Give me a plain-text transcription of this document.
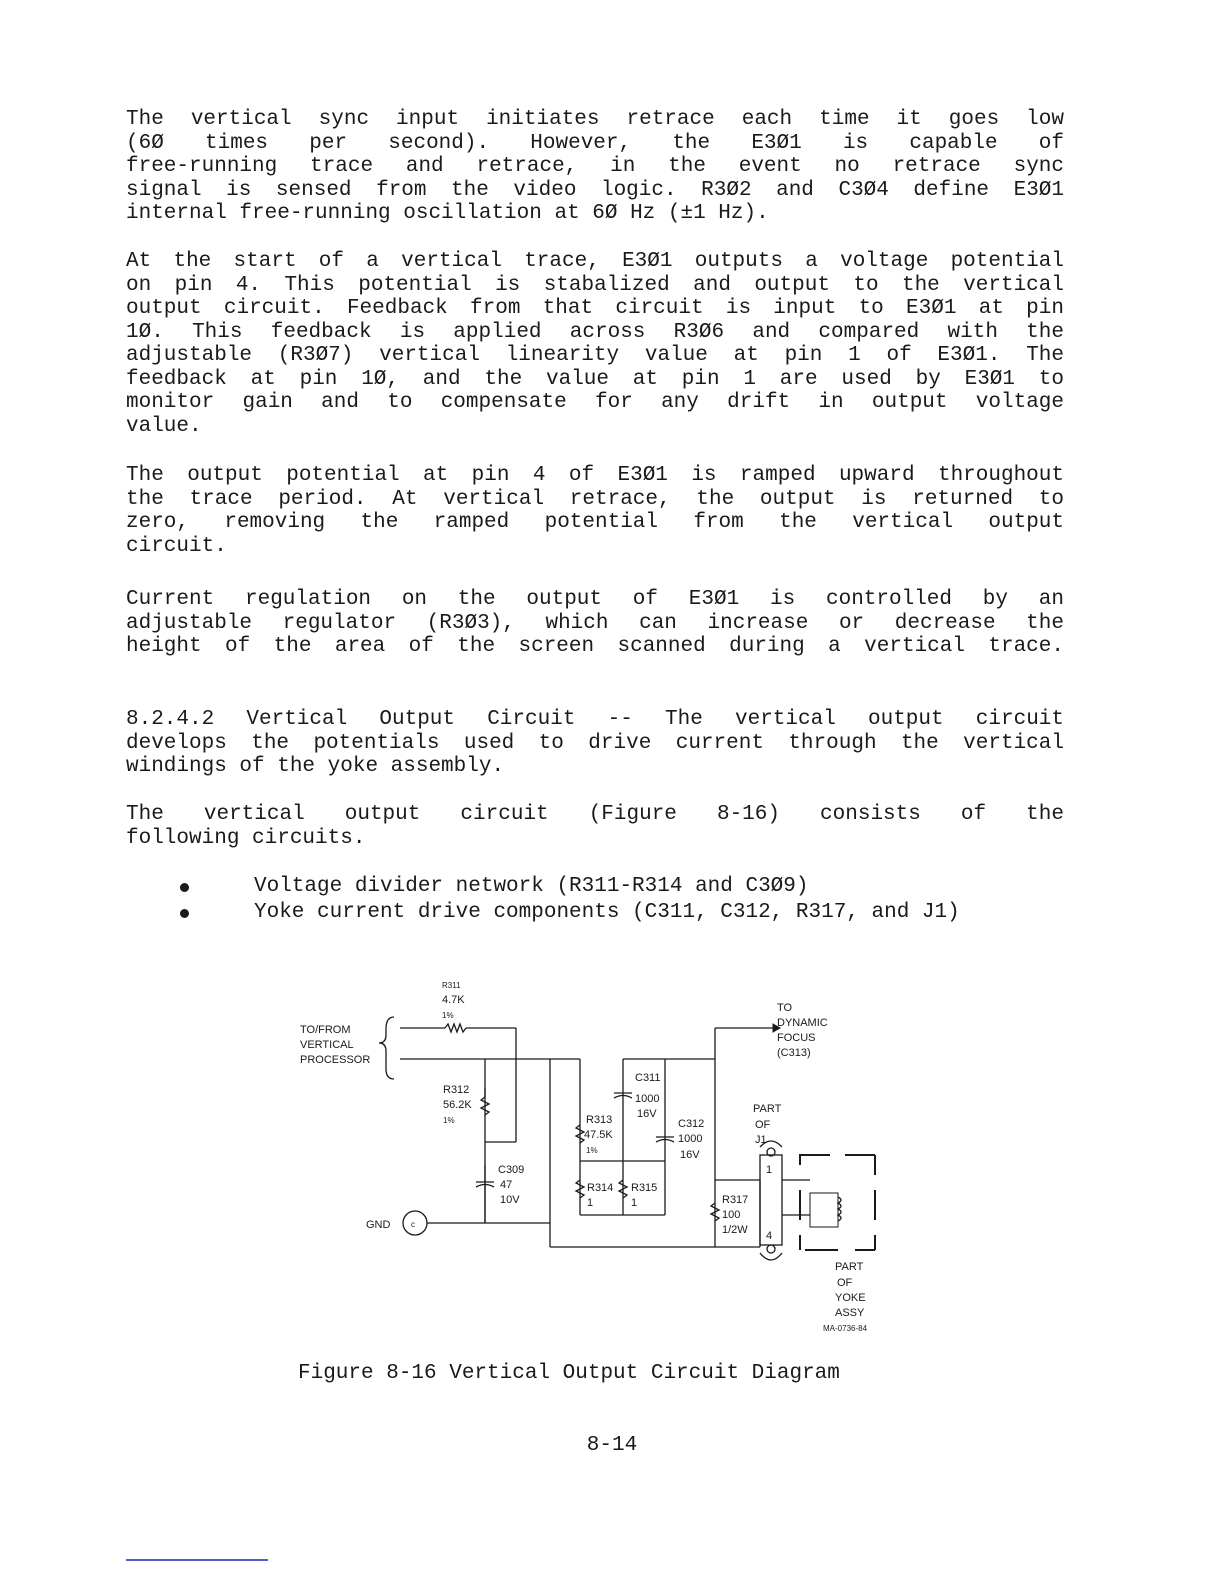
The vertical sync input initiates retrace each time it goes low
(6Ø times per second). However, the E3Ø1 is capable of
free-running trace and retrace, in the event no retrace sync
signal is sensed from the video logic. R3Ø2 and C3Ø4 define E3Ø1
internal free-running oscillation at 6Ø Hz (±1 Hz).
At the start of a vertical trace, E3Ø1 outputs a voltage potential
on pin 4. This potential is stabalized and output to the vertical
output circuit. Feedback from that circuit is input to E3Ø1 at pin
1Ø. This feedback is applied across R3Ø6 and compared with the
adjustable (R3Ø7) vertical linearity value at pin 1 of E3Ø1. The
feedback at pin 1Ø, and the value at pin 1 are used by E3Ø1 to
monitor gain and to compensate for any drift in output voltage
value.
The output potential at pin 4 of E3Ø1 is ramped upward throughout
the trace period. At vertical retrace, the output is returned to
zero, removing the ramped potential from the vertical output
circuit.
Current regulation on the output of E3Ø1 is controlled by an
adjustable regulator (R3Ø3), which can increase or decrease the
height of the area of the screen scanned during a vertical trace.
8.2.4.2 Vertical Output Circuit -- The vertical output circuit
develops the potentials used to drive current through the vertical
windings of the yoke assembly.
The vertical output circuit (Figure 8-16) consists of the
following circuits.
Voltage divider network (R311-R314 and C3Ø9)
Yoke current drive components (C311, C312, R317, and J1)
c
R311
4.7K
1%
TO/FROM
VERTICAL
PROCESSOR
TO
DYNAMIC
FOCUS
(C313)
R312
56.2K
1%
C311
1000
16V
R313
47.5K
1%
C312
1000
16V
PART
OF
J1
C309
47
10V
R314
1
R315
1	R317
100
1/2W
GND
1
4
PART
OF
YOKE
ASSY
MA-0736-84
Figure 8-16 Vertical Output Circuit Diagram
8-14
